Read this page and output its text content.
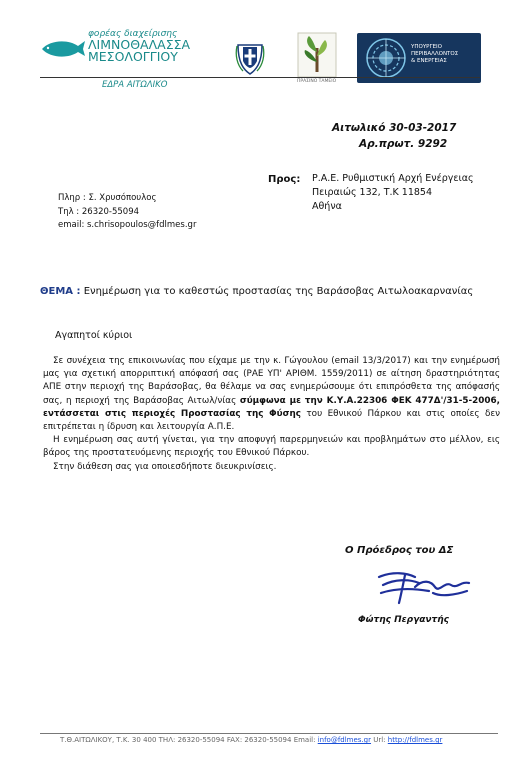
φορέας διαχείρισης
ΛΙΜΝΟΘΑΛΑΣΣΑ
ΜΕΣΟΛΟΓΓΙΟΥ
ΕΔΡΑ ΑΙΤΩΛΙΚΟ	ΠΡΑΣΙΝΟ ΤΑΜΕΙΟ
ΥΠΟΥΡΓΕΙΟ
ΠΕΡΙΒΑΛΛΟΝΤΟΣ
& ΕΝΕΡΓΕΙΑΣ
Αιτωλικό 30-03-2017
Αρ.πρωτ. 9292
Προς: Ρ.Α.Ε. Ρυθμιστική Αρχή Ενέργειας
Πειραιώς 132, Τ.Κ 11854
Αθήνα
Πληρ : Σ. Χρυσόπουλος
Τηλ : 26320-55094
email: s.chrisopoulos@fdlmes.gr
ΘΕΜΑ : Ενημέρωση για το καθεστώς προστασίας της Βαράσοβας Αιτωλοακαρνανίας
Αγαπητοί κύριοι

Σε συνέχεια της επικοινωνίας που είχαμε με την κ. Γώγουλου (email 13/3/2017) και την ενημέρωσή μας για σχετική απορριπτική απόφασή σας (ΡΑΕ ΥΠ' ΑΡΙΘΜ. 1559/2011) σε αίτηση δραστηριότητας ΑΠΕ στην περιοχή της Βαράσοβας, θα θέλαμε να σας ενημερώσουμε ότι επιπρόσθετα της απόφασής σας, η περιοχή της Βαράσοβας Αιτωλ/νίας σύμφωνα με την Κ.Υ.Α.22306 ΦΕΚ 477Δ'/31-5-2006, εντάσσεται στις περιοχές Προστασίας της Φύσης του Εθνικού Πάρκου και στις οποίες δεν επιτρέπεται η ίδρυση και λειτουργία Α.Π.Ε.

Η ενημέρωση σας αυτή γίνεται, για την αποφυγή παρερμηνειών και προβλημάτων στο μέλλον, εις βάρος της προστατευόμενης περιοχής του Εθνικού Πάρκου.

Στην διάθεση σας για οποιεσδήποτε διευκρινίσεις.

Ο Πρόεδρος του ΔΣ
Φώτης Περγαντής
Τ.Θ.ΑΙΤΩΛΙΚΟΥ, Τ.Κ. 30 400 ΤΗΛ: 26320-55094 FAX: 26320-55094 Email: info@fdlmes.gr Url: http://fdlmes.gr
